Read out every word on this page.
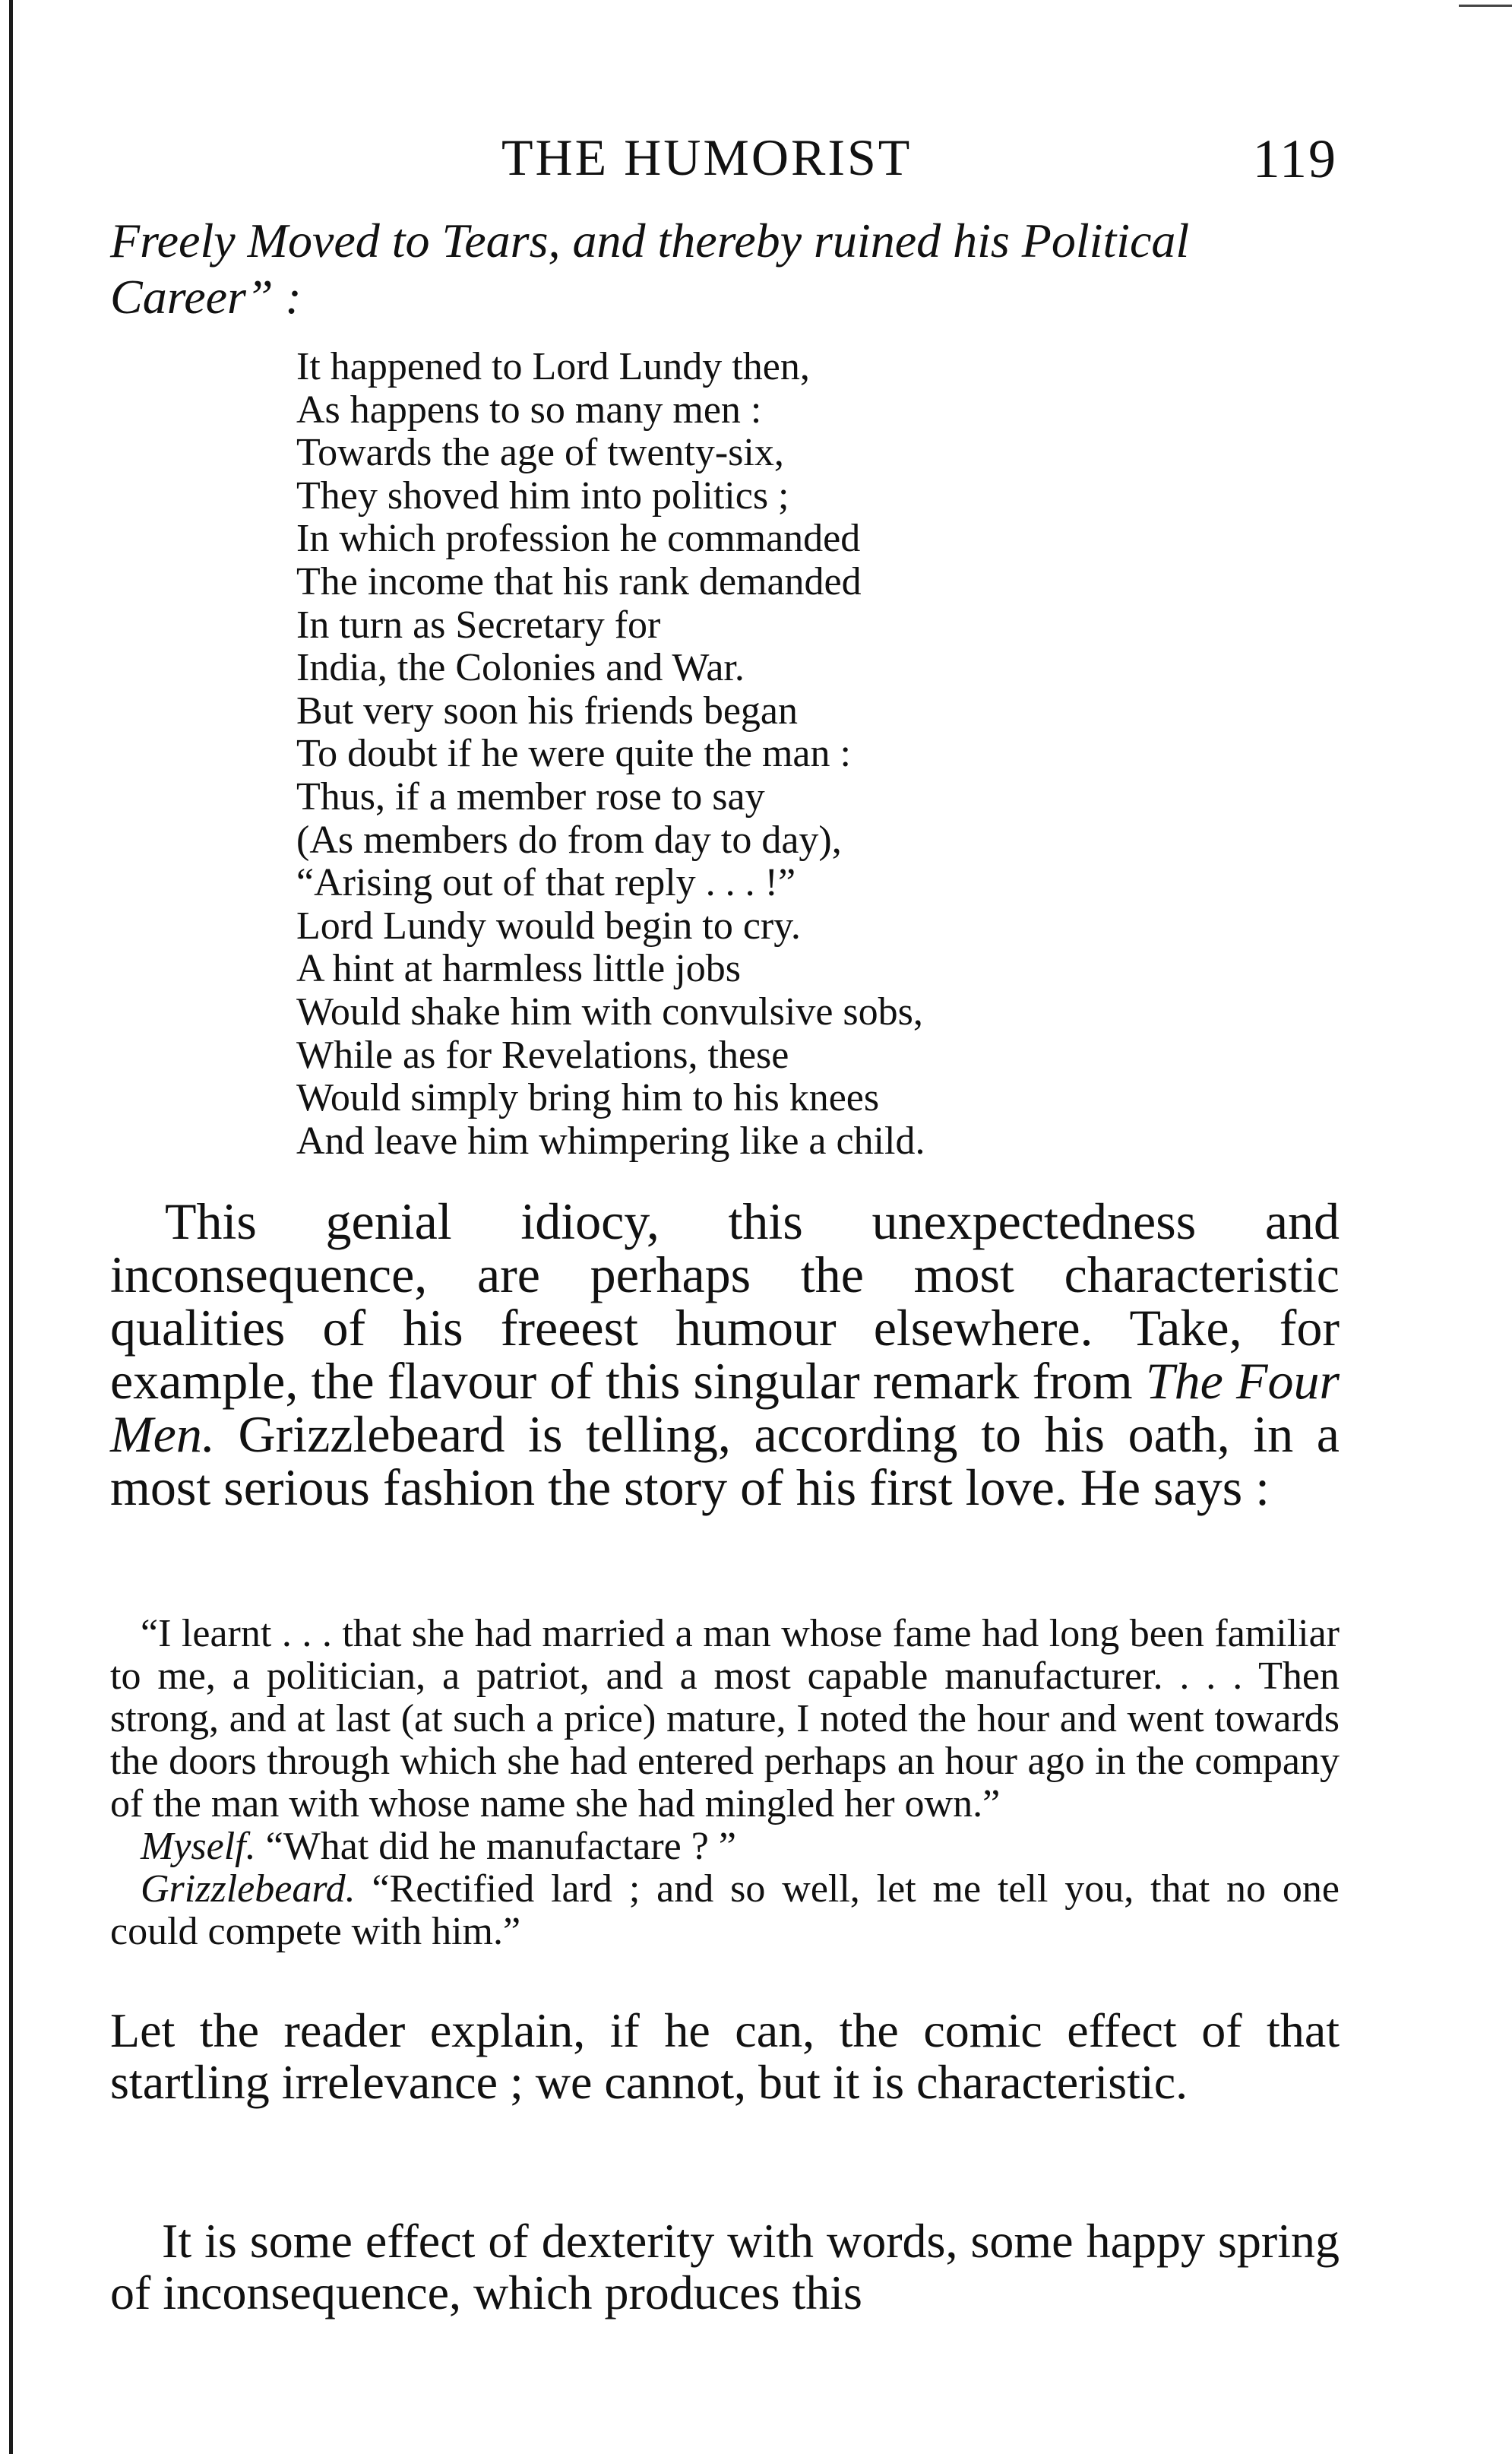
THE HUMORIST	119
Freely Moved to Tears, and thereby ruined his Political Career” :
It happened to Lord Lundy then,
As happens to so many men :
Towards the age of twenty-six,
They shoved him into politics ;
In which profession he commanded
The income that his rank demanded
In turn as Secretary for
India, the Colonies and War.
But very soon his friends began
To doubt if he were quite the man :
Thus, if a member rose to say
(As members do from day to day),
“Arising out of that reply . . . !”
Lord Lundy would begin to cry.
A hint at harmless little jobs
Would shake him with convulsive sobs,
While as for Revelations, these
Would simply bring him to his knees
And leave him whimpering like a child.

This genial idiocy, this unexpectedness and inconsequence, are perhaps the most characteristic qualities of his freeest humour elsewhere. Take, for example, the flavour of this singular remark from The Four Men. Grizzlebeard is telling, according to his oath, in a most serious fashion the story of his first love. He says :

“I learnt . . . that she had married a man whose fame had long been familiar to me, a politician, a patriot, and a most capable manufacturer. . . . Then strong, and at last (at such a price) mature, I noted the hour and went towards the doors through which she had entered perhaps an hour ago in the company of the man with whose name she had mingled her own.”

Myself. “What did he manufactare ? ”

Grizzlebeard. “Rectified lard ; and so well, let me tell you, that no one could compete with him.”

Let the reader explain, if he can, the comic effect of that startling irrelevance ; we cannot, but it is characteristic.

It is some effect of dexterity with words, some happy spring of inconsequence, which produces this
